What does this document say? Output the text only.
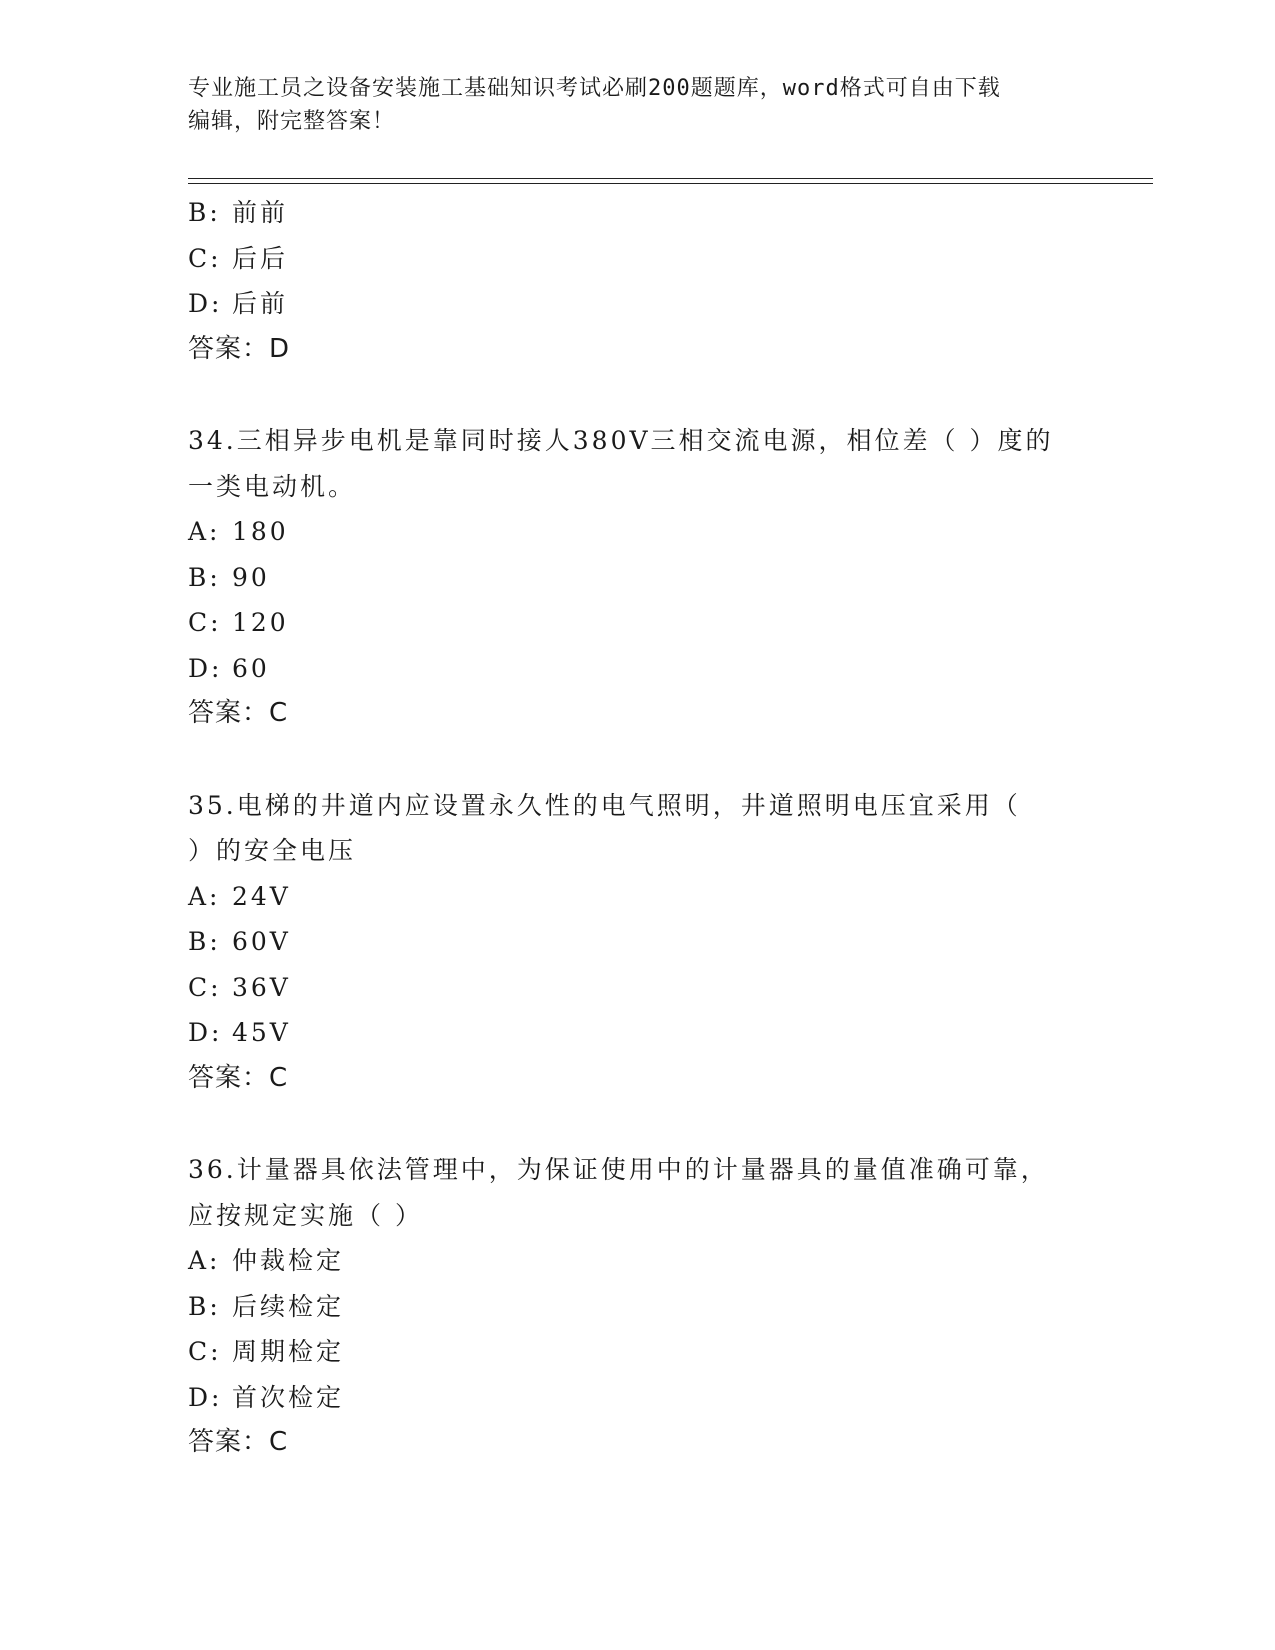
专业施工员之设备安装施工基础知识考试必刷200题题库，word格式可自由下载
编辑，附完整答案！
B: 前前
C: 后后
D: 后前
答案：D
34.三相异步电机是靠同时接人380V三相交流电源，相位差（ ）度的
一类电动机。
A: 180
B: 90
C: 120
D: 60
答案：C
35.电梯的井道内应设置永久性的电气照明，井道照明电压宜采用（
）的安全电压
A: 24V
B: 60V
C: 36V
D: 45V
答案：C
36.计量器具依法管理中，为保证使用中的计量器具的量值准确可靠，
应按规定实施（ ）
A: 仲裁检定
B: 后续检定
C: 周期检定
D: 首次检定
答案：C
